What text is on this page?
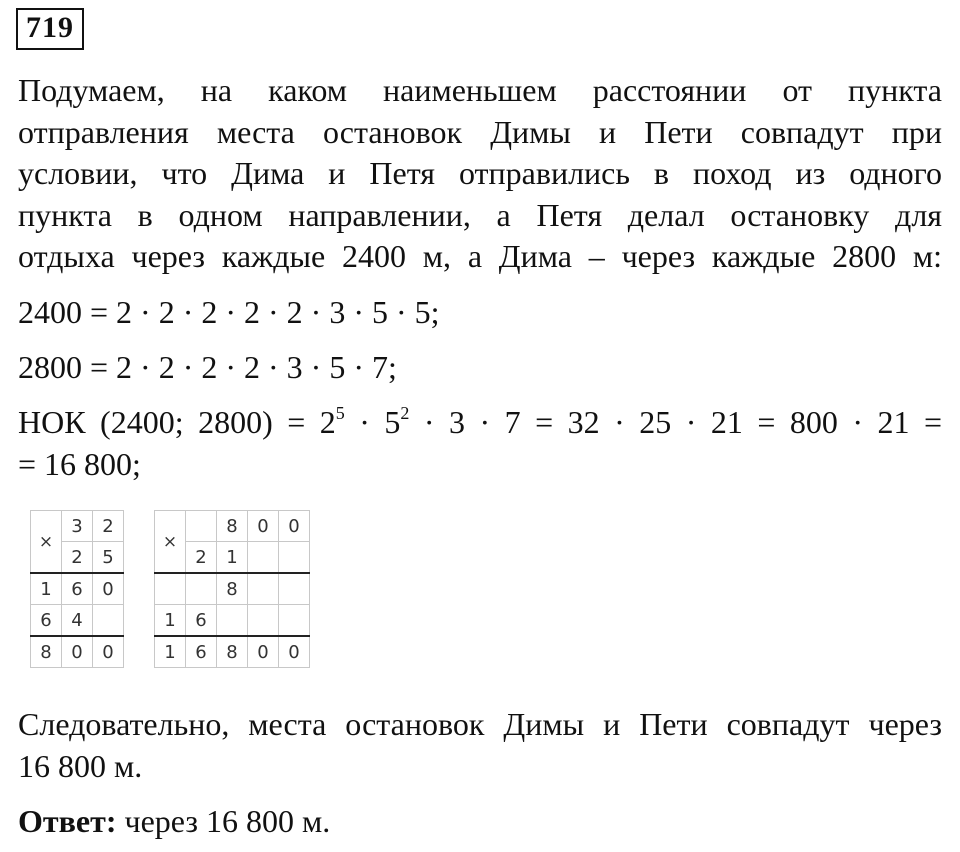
719
Подумаем, на каком наименьшем расстоянии от пункта
отправления места остановок Димы и Пети совпадут при
условии, что Дима и Петя отправились в поход из одного
пункта в одном направлении, а Петя делал остановку для
отдыха через каждые 2400 м, а Дима – через каждые 2800 м:
2400 = 2 · 2 · 2 · 2 · 2 · 3 · 5 · 5;
2800 = 2 · 2 · 2 · 2 · 3 · 5 · 7;
НОК (2400; $2800) = 2^5 \cdot 5^2 \cdot 3 \cdot 7 = 32 \cdot 25 \cdot 21 = 800 \cdot 21$ =
= 16 800;
×	3	2
	2	5
1	6	0
6	4	
8	0	0
×		8	0	0
	2	1		
		8		
1	6			
1	6	8	0	0
Следовательно, места остановок Димы и Пети совпадут через
16 800 м.
Ответ: через 16 800 м.
